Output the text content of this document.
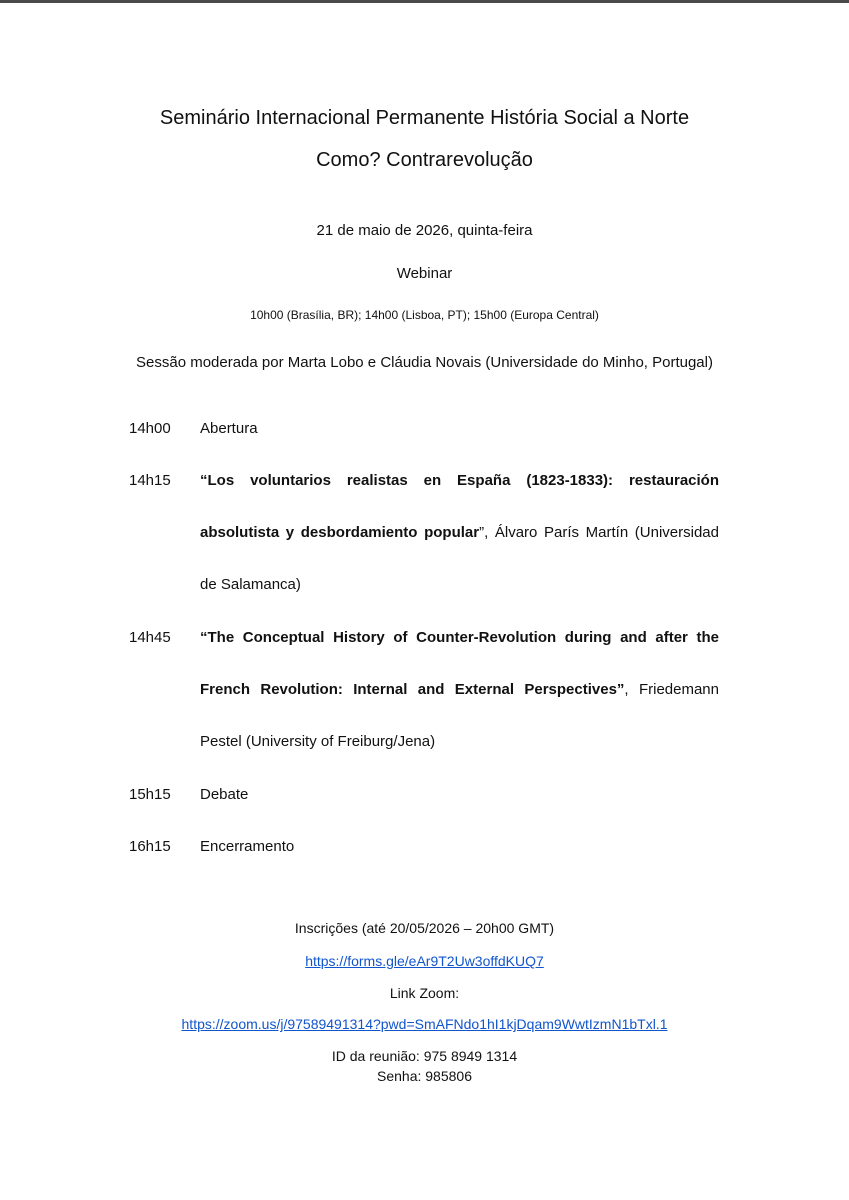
Seminário Internacional Permanente História Social a Norte
Como? Contrarevolução
21 de maio de 2026, quinta-feira
Webinar
10h00 (Brasília, BR); 14h00 (Lisboa, PT); 15h00 (Europa Central)
Sessão moderada por Marta Lobo e Cláudia Novais (Universidade do Minho, Portugal)
14h00 Abertura
14h15 “Los voluntarios realistas en España (1823-1833): restauración absolutista y desbordamiento popular”, Álvaro París Martín (Universidad de Salamanca)
14h45 “The Conceptual History of Counter-Revolution during and after the French Revolution: Internal and External Perspectives”, Friedemann Pestel (University of Freiburg/Jena)
15h15 Debate
16h15 Encerramento
Inscrições (até 20/05/2026 – 20h00 GMT)
https://forms.gle/eAr9T2Uw3offdKUQ7
Link Zoom:
https://zoom.us/j/97589491314?pwd=SmAFNdo1hI1kjDqam9WwtIzmN1bTxl.1
ID da reunião: 975 8949 1314
Senha: 985806
